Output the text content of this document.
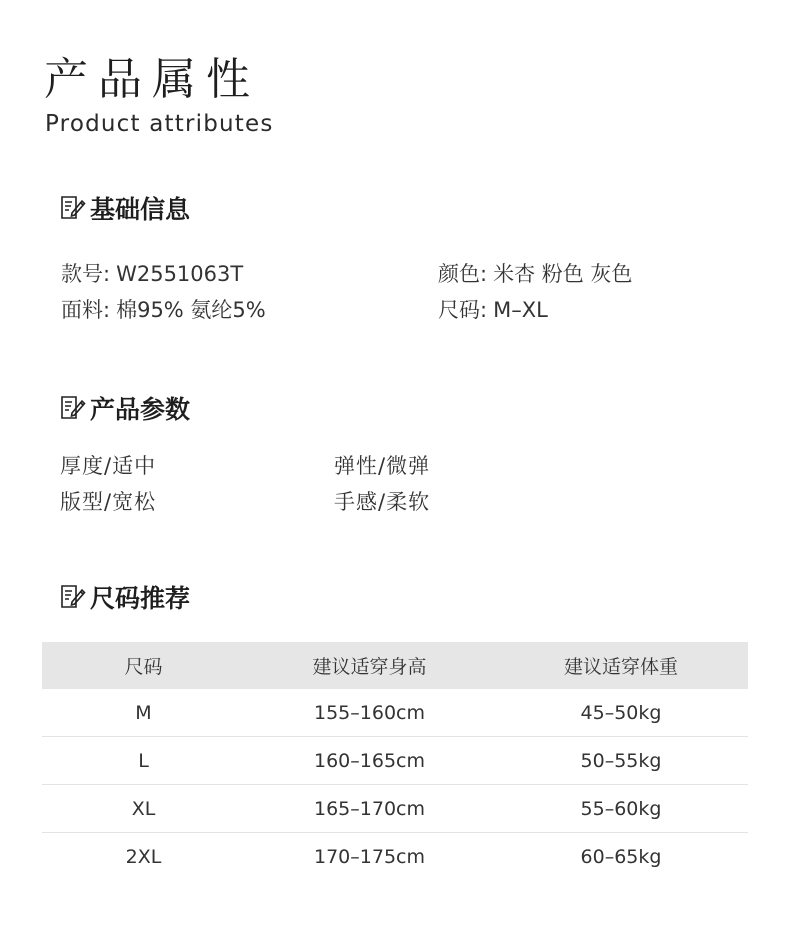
产品属性
Product attributes
基础信息
款号: W2551063T
面料: 棉95% 氨纶5%
颜色: 米杏 粉色 灰色
尺码: M–XL
产品参数
厚度/适中	弹性/微弹
版型/宽松	手感/柔软
尺码推荐
尺码	建议适穿身高	建议适穿体重
M	155–160cm	45–50kg
L	160–165cm	50–55kg
XL	165–170cm	55–60kg
2XL	170–175cm	60–65kg
